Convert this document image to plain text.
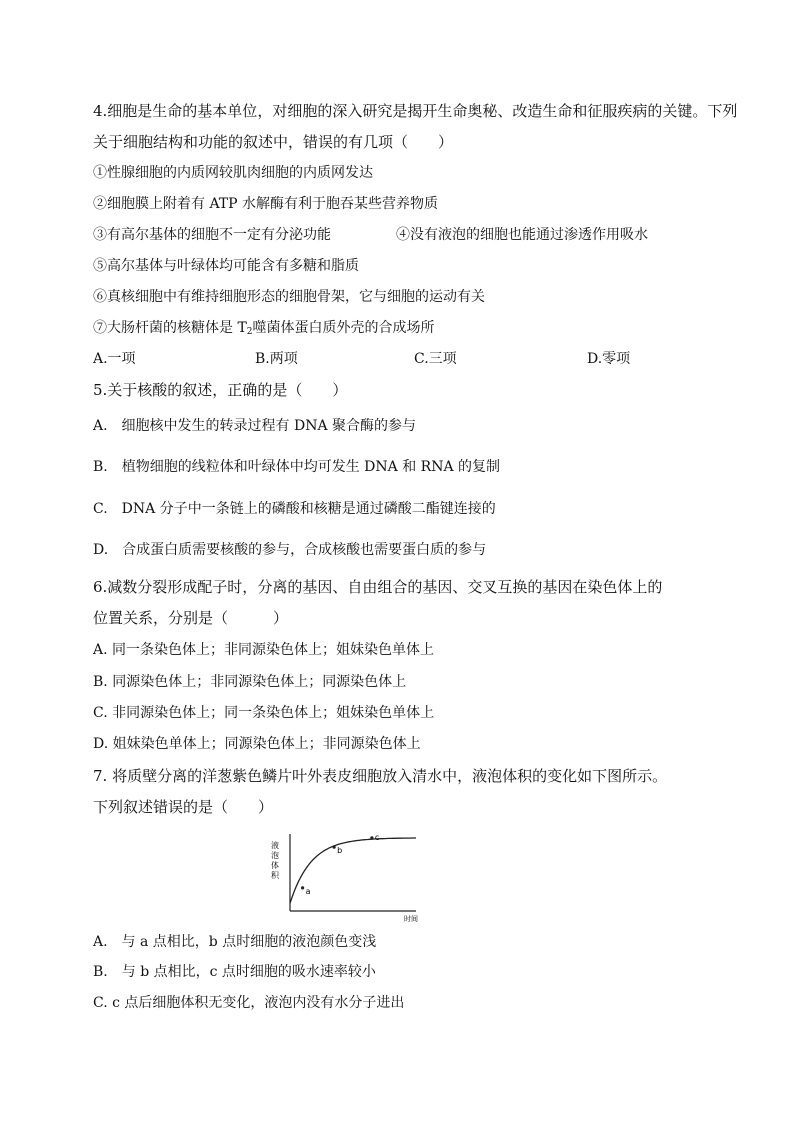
4.细胞是生命的基本单位，对细胞的深入研究是揭开生命奥秘、改造生命和征服疾病的关键。下列
关于细胞结构和功能的叙述中，错误的有几项（　　）
①性腺细胞的内质网较肌肉细胞的内质网发达
②细胞膜上附着有 ATP 水解酶有利于胞吞某些营养物质
③有高尔基体的细胞不一定有分泌功能	④没有液泡的细胞也能通过渗透作用吸水
⑤高尔基体与叶绿体均可能含有多糖和脂质
⑥真核细胞中有维持细胞形态的细胞骨架，它与细胞的运动有关
⑦大肠杆菌的核糖体是 $T_2$噬菌体蛋白质外壳的合成场所
A.一项	B.两项	C.三项	D.零项
5.关于核酸的叙述，正确的是（　　）
A.　细胞核中发生的转录过程有 DNA 聚合酶的参与
B.　植物细胞的线粒体和叶绿体中均可发生 DNA 和 RNA 的复制
C.　DNA 分子中一条链上的磷酸和核糖是通过磷酸二酯键连接的
D.　合成蛋白质需要核酸的参与，合成核酸也需要蛋白质的参与
6.减数分裂形成配子时，分离的基因、自由组合的基因、交叉互换的基因在染色体上的
位置关系，分别是（　　　）
A. 同一条染色体上；非同源染色体上；姐妹染色单体上
B. 同源染色体上；非同源染色体上；同源染色体上
C. 非同源染色体上；同一条染色体上；姐妹染色单体上
D. 姐妹染色单体上；同源染色体上；非同源染色体上
7. 将质壁分离的洋葱紫色鳞片叶外表皮细胞放入清水中，液泡体积的变化如下图所示。
下列叙述错误的是（　　）
液
泡
体
积
a
b
c
时间
A.　与 a 点相比，b 点时细胞的液泡颜色变浅
B.　与 b 点相比，c 点时细胞的吸水速率较小
C. c 点后细胞体积无变化，液泡内没有水分子进出
